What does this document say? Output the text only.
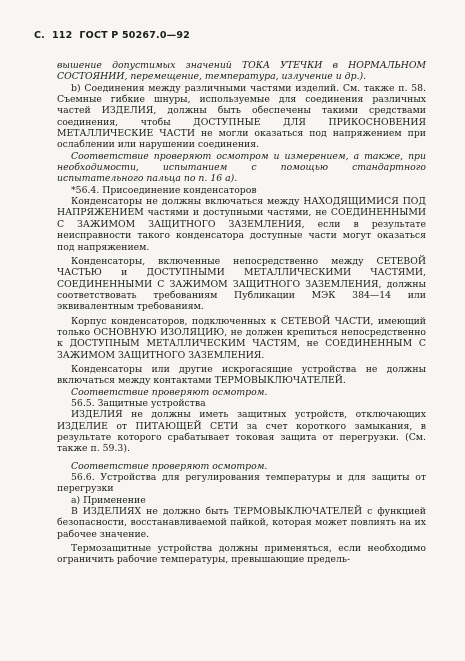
С. 112 ГОСТ Р 50267.0—92

вышение допустимых значений ТОКА УТЕЧКИ в НОРМАЛЬНОМ СОСТОЯНИИ, перемещение, температура, излучение и др.).

b) Соединения между различными частями изделий. См. также п. 58. Съемные гибкие шнуры, используемые для соединения различных частей ИЗДЕЛИЯ, должны быть обеспечены такими средствами соединения, чтобы ДОСТУПНЫЕ ДЛЯ ПРИКОСНОВЕНИЯ МЕТАЛЛИЧЕСКИЕ ЧАСТИ не могли оказаться под напряжением при ослаблении или нарушении соединения.

Соответствие проверяют осмотром и измерением, а также, при необходимости, испытанием с помощью стандартного испытательного пальца по п. 16 а).

*56.4. Присоединение конденсаторов

Конденсаторы не должны включаться между НАХОДЯЩИМИСЯ ПОД НАПРЯЖЕНИЕМ частями и доступными частями, не СОЕДИНЕННЫМИ С ЗАЖИМОМ ЗАЩИТНОГО ЗАЗЕМЛЕНИЯ, если в результате неисправности такого конденсатора доступные части могут оказаться под напряжением.

Конденсаторы, включенные непосредственно между СЕТЕВОЙ ЧАСТЬЮ и ДОСТУПНЫМИ МЕТАЛЛИЧЕСКИМИ ЧАСТЯМИ, СОЕДИНЕННЫМИ С ЗАЖИМОМ ЗАЩИТНОГО ЗАЗЕМЛЕНИЯ, должны соответствовать требованиям Публикации МЭК 384—14 или эквивалентным требованиям.

Корпус конденсаторов, подключенных к СЕТЕВОЙ ЧАСТИ, имеющий только ОСНОВНУЮ ИЗОЛЯЦИЮ, не должен крепиться непосредственно к ДОСТУПНЫМ МЕТАЛЛИЧЕСКИМ ЧАСТЯМ, не СОЕДИНЕННЫМ С ЗАЖИМОМ ЗАЩИТНОГО ЗАЗЕМЛЕНИЯ.

Конденсаторы или другие искрогасящие устройства не должны включаться между контактами ТЕРМОВЫКЛЮЧАТЕЛЕЙ.

Соответствие проверяют осмотром.

56.5. Защитные устройства

ИЗДЕЛИЯ не должны иметь защитных устройств, отключающих ИЗДЕЛИЕ от ПИТАЮЩЕЙ СЕТИ за счет короткого замыкания, в результате которого срабатывает токовая защита от перегрузки. (См. также п. 59.3).

Соответствие проверяют осмотром.

56.6. Устройства для регулирования температуры и для защиты от перегрузки

a) Применение

В ИЗДЕЛИЯХ не должно быть ТЕРМОВЫКЛЮЧАТЕЛЕЙ с функцией безопасности, восстанавливаемой пайкой, которая может повлиять на их рабочее значение.

Термозащитные устройства должны применяться, если необходимо ограничить рабочие температуры, превышающие предель-
